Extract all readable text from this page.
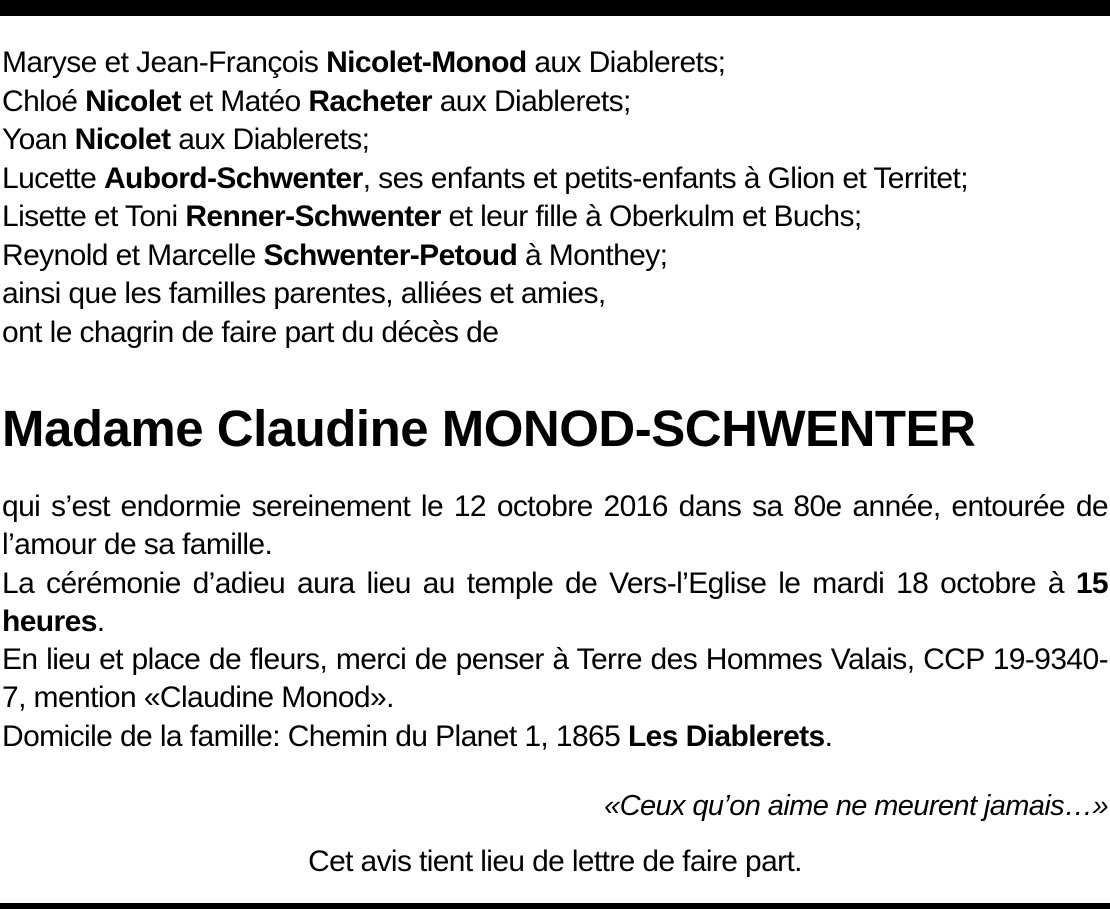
Maryse et Jean-François Nicolet-Monod aux Diablerets;
Chloé Nicolet et Matéo Racheter aux Diablerets;
Yoan Nicolet aux Diablerets;
Lucette Aubord-Schwenter, ses enfants et petits-enfants à Glion et Territet;
Lisette et Toni Renner-Schwenter et leur fille à Oberkulm et Buchs;
Reynold et Marcelle Schwenter-Petoud à Monthey;
ainsi que les familles parentes, alliées et amies,
ont le chagrin de faire part du décès de
Madame Claudine MONOD-SCHWENTER
qui s’est endormie sereinement le 12 octobre 2016 dans sa 80e année, entourée de l’amour de sa famille.
La cérémonie d’adieu aura lieu au temple de Vers-l’Eglise le mardi 18 octobre à 15 heures.
En lieu et place de fleurs, merci de penser à Terre des Hommes Valais, CCP 19-9340-7, mention «Claudine Monod».
Domicile de la famille: Chemin du Planet 1, 1865 Les Diablerets.
«Ceux qu’on aime ne meurent jamais…»
Cet avis tient lieu de lettre de faire part.
